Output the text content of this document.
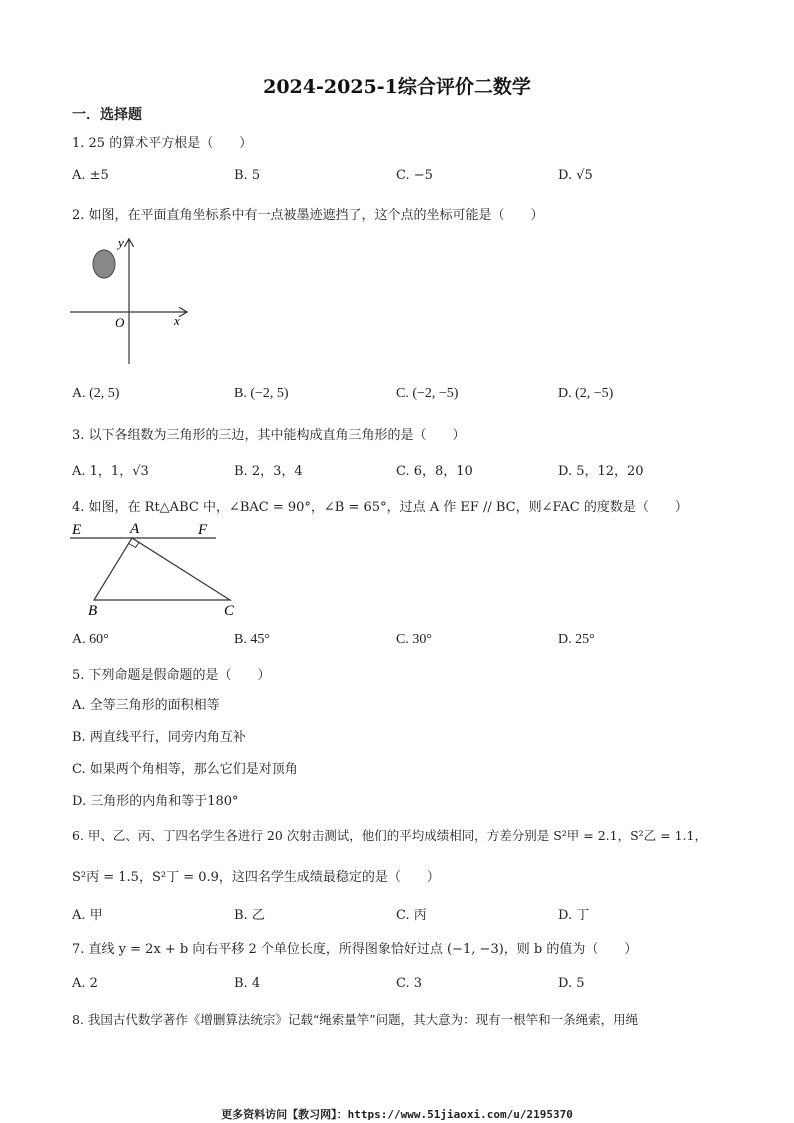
2024-2025-1综合评价二数学
一．选择题
1. 25 的算术平方根是（　　）
A. ±5	B. 5	C. −5	D. √5
2. 如图，在平面直角坐标系中有一点被墨迹遮挡了，这个点的坐标可能是（　　）
y
x
O
A. (2, 5)	B. (−2, 5)	C. (−2, −5)	D. (2, −5)
3. 以下各组数为三角形的三边，其中能构成直角三角形的是（　　）
A. 1，1，√3	B. 2，3，4	C. 6，8，10	D. 5，12，20
4. 如图，在 Rt△ABC 中，∠BAC = 90°，∠B = 65°，过点 A 作 EF // BC，则∠FAC 的度数是（　　）
E	A	F
B	C
A. 60°	B. 45°	C. 30°	D. 25°
5. 下列命题是假命题的是（　　）
A. 全等三角形的面积相等
B. 两直线平行，同旁内角互补
C. 如果两个角相等，那么它们是对顶角
D. 三角形的内角和等于180°
6. 甲、乙、丙、丁四名学生各进行 20 次射击测试，他们的平均成绩相同，方差分别是 S²甲 = 2.1，S²乙 = 1.1，
S²丙 = 1.5，S²丁 = 0.9，这四名学生成绩最稳定的是（　　）
A. 甲	B. 乙	C. 丙	D. 丁
7. 直线 y = 2x + b 向右平移 2 个单位长度，所得图象恰好过点 (−1, −3)，则 b 的值为（　　）
A. 2	B. 4	C. 3	D. 5
8. 我国古代数学著作《增删算法统宗》记载“绳索量竿”问题，其大意为：现有一根竿和一条绳索，用绳
更多资料访问【教习网】：https://www.51jiaoxi.com/u/2195370
